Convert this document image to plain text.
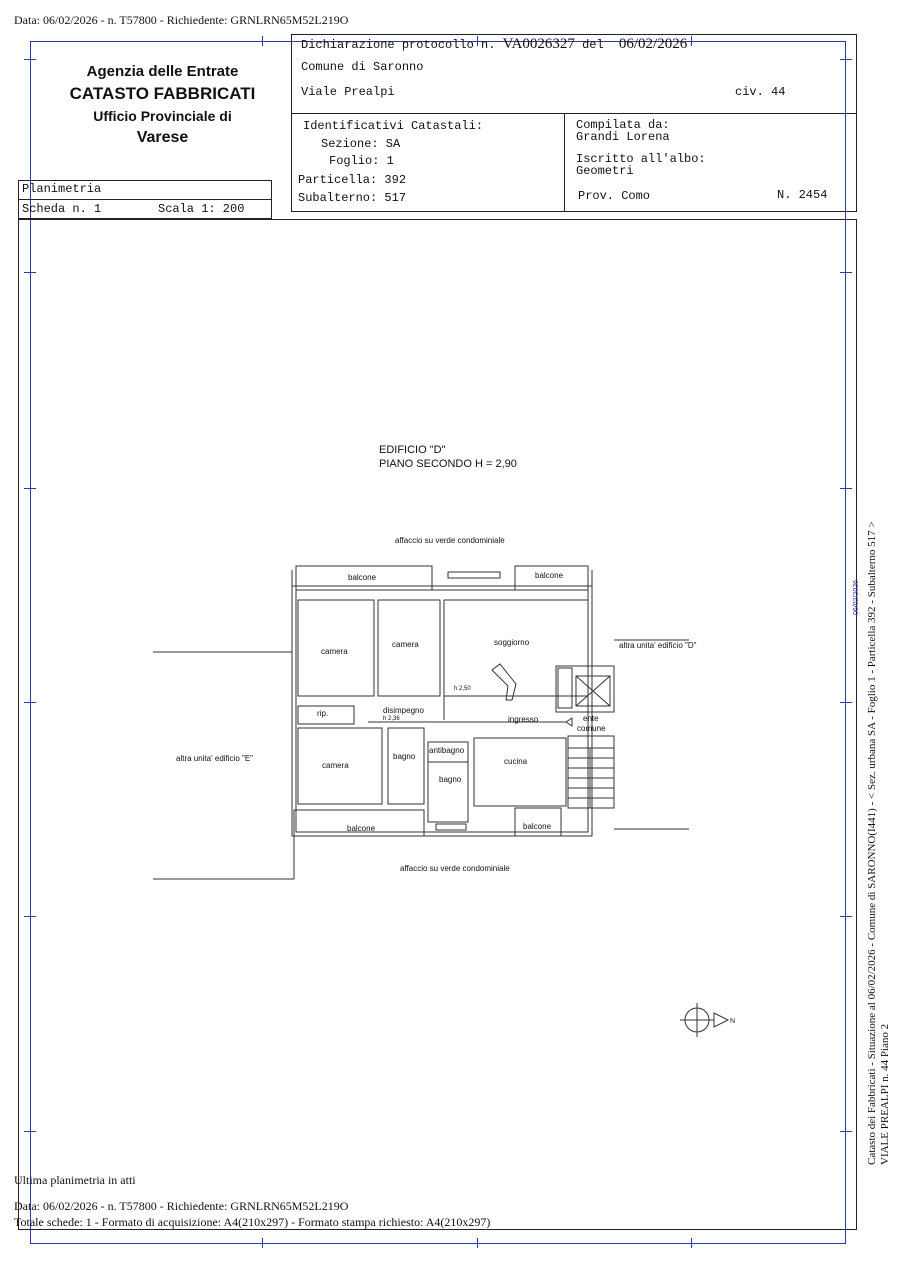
Data: 06/02/2026 - n. T57800 - Richiedente: GRNLRN65M52L219O
Agenzia delle Entrate
CATASTO FABBRICATI
Ufficio Provinciale di
Varese
Dichiarazione protocollo n. VA0026327 del 06/02/2026
Comune di Saronno
Viale Prealpi	civ. 44
Identificativi Catastali:
Sezione: SA
Foglio: 1
Particella: 392
Subalterno: 517
Compilata da:
Grandi Lorena
Iscritto all'albo:
Geometri
Prov. Como	N. 2454
Planimetria
Scheda n. 1	Scala 1: 200
EDIFICIO "D"
PIANO SECONDO H = 2,90
affaccio su verde condominiale
affaccio su verde condominiale
altra unita' edificio "D"
altra unita' edificio "E"
balcone	balcone
balcone	balcone
camera
camera
camera
soggiorno
h 2,50
rip.	disimpegno
h 2,36	ingresso	ente
comune
bagno
antibagno
bagno
cucina
N
06/02/2026 Catasto dei Fabbricati - Situazione al 06/02/2026 - Comune di SARONNO(I441) - < Sez. urbana SA - Foglio 1 - Particella 392 - Subalterno 517 > VIALE PREALPI n. 44 Piano 2
Ultima planimetria in atti
Data: 06/02/2026 - n. T57800 - Richiedente: GRNLRN65M52L219O
Totale schede: 1 - Formato di acquisizione: A4(210x297) - Formato stampa richiesto: A4(210x297)
